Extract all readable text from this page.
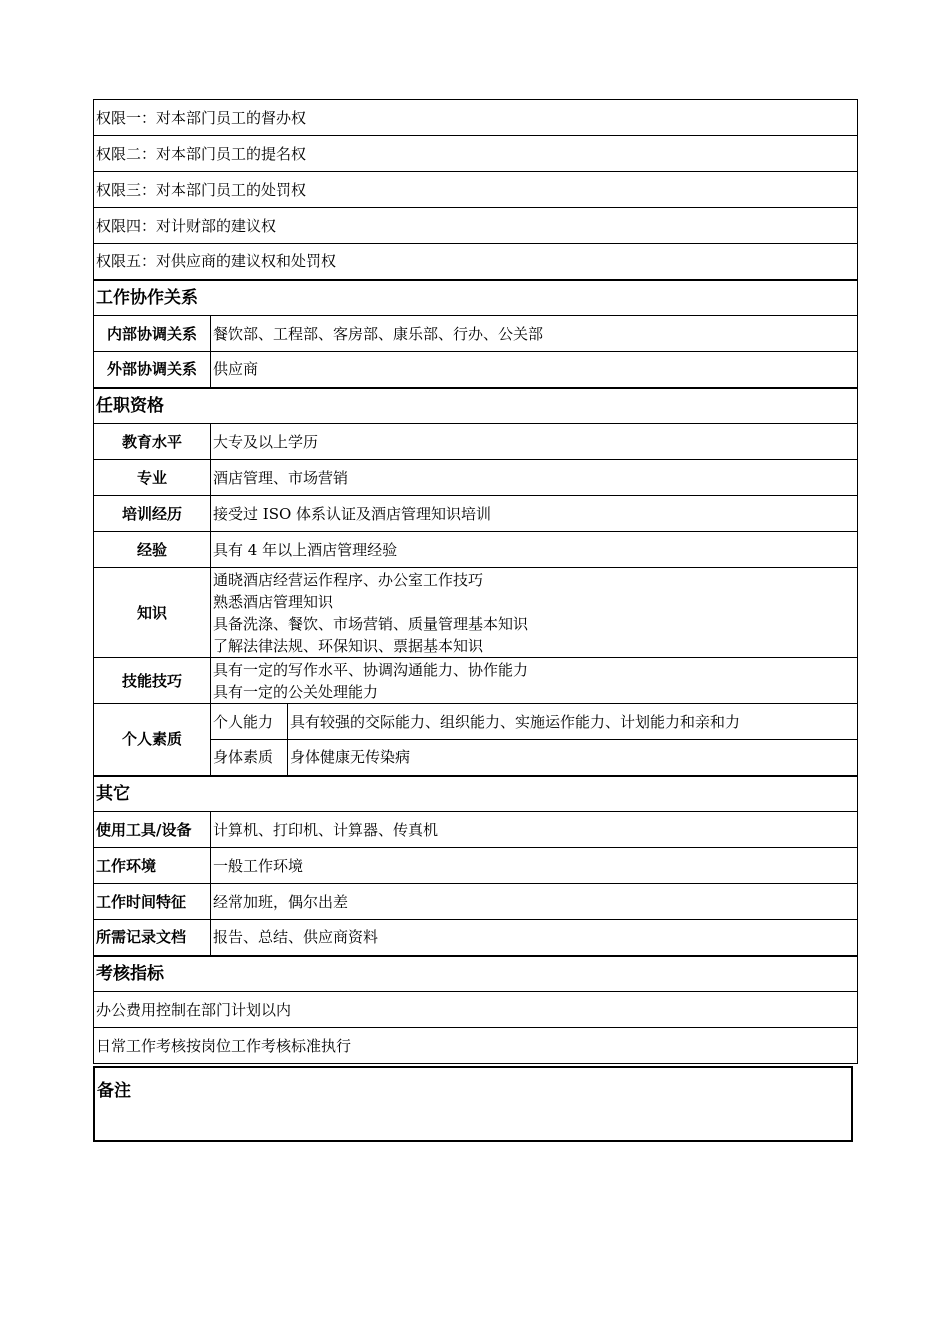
权限一：对本部门员工的督办权		
权限二：对本部门员工的提名权		
权限三：对本部门员工的处罚权		
权限四：对计财部的建议权		
权限五：对供应商的建议权和处罚权		
工作协作关系		
内部协调关系	餐饮部、工程部、客房部、康乐部、行办、公关部	
外部协调关系	供应商	
任职资格		
教育水平	大专及以上学历	
专业	酒店管理、市场营销	
培训经历	接受过 ISO 体系认证及酒店管理知识培训	
经验	具有 4 年以上酒店管理经验	
知识	通晓酒店经营运作程序、办公室工作技巧
熟悉酒店管理知识
具备洗涤、餐饮、市场营销、质量管理基本知识
了解法律法规、环保知识、票据基本知识	

技能技巧	具有一定的写作水平、协调沟通能力、协作能力
具有一定的公关处理能力	

个人素质	个人能力	具有较强的交际能力、组织能力、实施运作能力、计划能力和亲和力
	身体素质	身体健康无传染病
其它		
使用工具/设备	计算机、打印机、计算器、传真机	
工作环境	一般工作环境	
工作时间特征	经常加班，偶尔出差	
所需记录文档	报告、总结、供应商资料	
考核指标		
办公费用控制在部门计划以内		
日常工作考核按岗位工作考核标准执行		
备注
